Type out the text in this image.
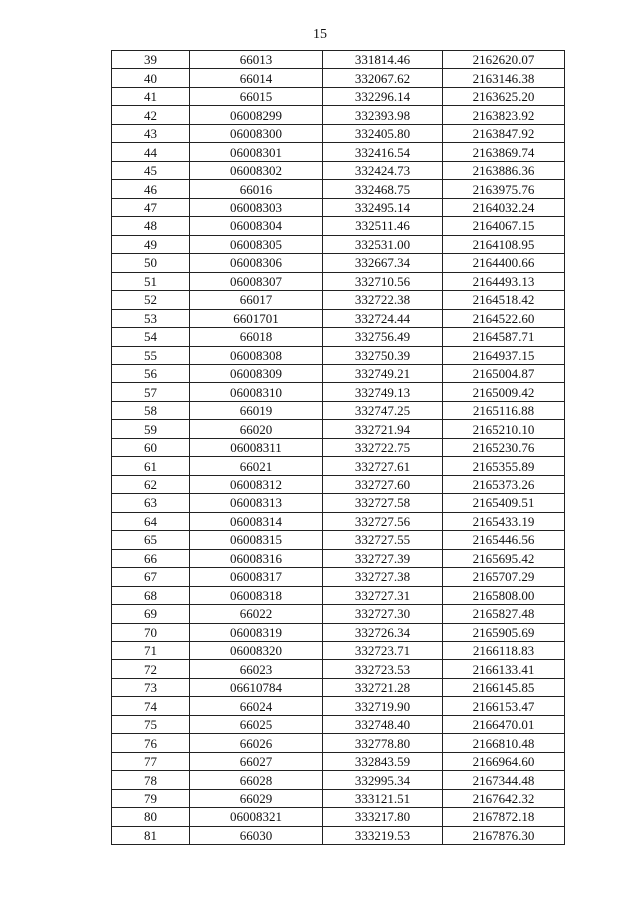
15
39	66013	331814.46	2162620.07
40	66014	332067.62	2163146.38
41	66015	332296.14	2163625.20
42	06008299	332393.98	2163823.92
43	06008300	332405.80	2163847.92
44	06008301	332416.54	2163869.74
45	06008302	332424.73	2163886.36
46	66016	332468.75	2163975.76
47	06008303	332495.14	2164032.24
48	06008304	332511.46	2164067.15
49	06008305	332531.00	2164108.95
50	06008306	332667.34	2164400.66
51	06008307	332710.56	2164493.13
52	66017	332722.38	2164518.42
53	6601701	332724.44	2164522.60
54	66018	332756.49	2164587.71
55	06008308	332750.39	2164937.15
56	06008309	332749.21	2165004.87
57	06008310	332749.13	2165009.42
58	66019	332747.25	2165116.88
59	66020	332721.94	2165210.10
60	06008311	332722.75	2165230.76
61	66021	332727.61	2165355.89
62	06008312	332727.60	2165373.26
63	06008313	332727.58	2165409.51
64	06008314	332727.56	2165433.19
65	06008315	332727.55	2165446.56
66	06008316	332727.39	2165695.42
67	06008317	332727.38	2165707.29
68	06008318	332727.31	2165808.00
69	66022	332727.30	2165827.48
70	06008319	332726.34	2165905.69
71	06008320	332723.71	2166118.83
72	66023	332723.53	2166133.41
73	06610784	332721.28	2166145.85
74	66024	332719.90	2166153.47
75	66025	332748.40	2166470.01
76	66026	332778.80	2166810.48
77	66027	332843.59	2166964.60
78	66028	332995.34	2167344.48
79	66029	333121.51	2167642.32
80	06008321	333217.80	2167872.18
81	66030	333219.53	2167876.30
